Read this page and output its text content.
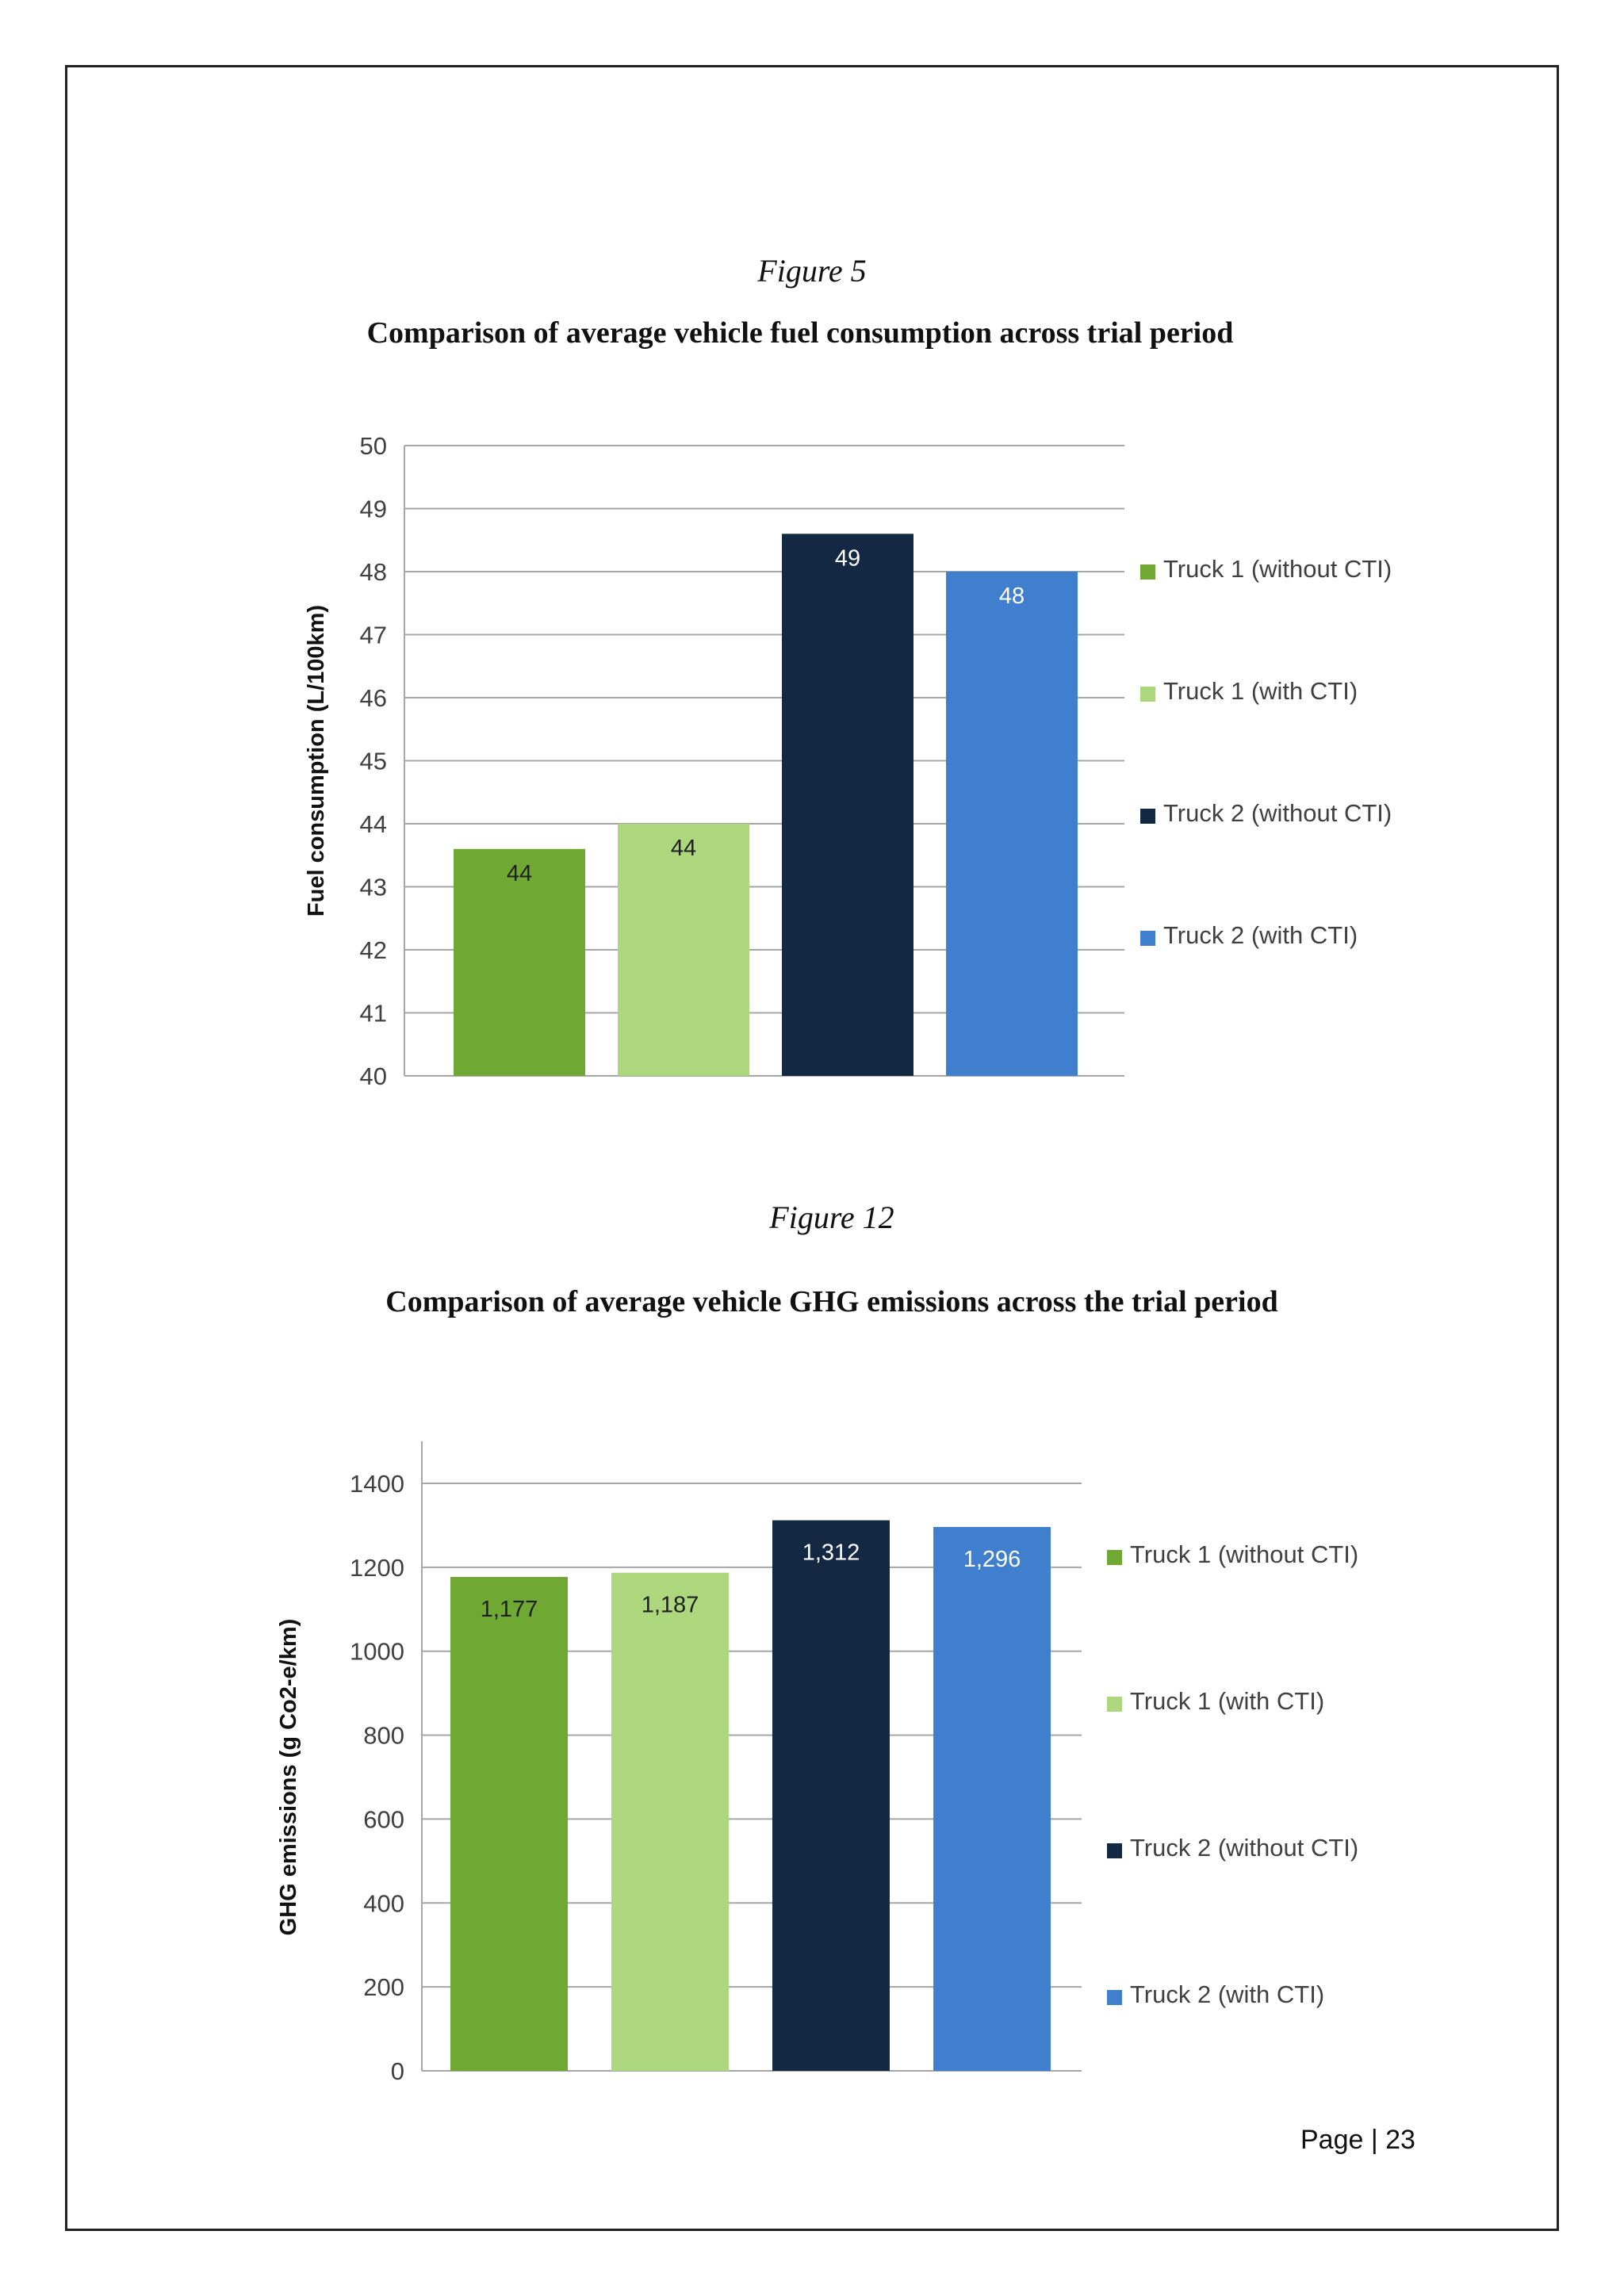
Figure 5
Comparison of average vehicle fuel consumption across trial period
40
41
42
43
44
45
46
47
48
49
50
44
44
49
48
Fuel consumption (L/100km)
Truck 1 (without CTI)
Truck 1 (with CTI)
Truck 2 (without CTI)
Truck 2 (with CTI)
Figure 12
Comparison of average vehicle GHG emissions across the trial period
0
200
400
600
800
1000
1200
1400
1,177	1,187
1,312	1,296
GHG emissions (g Co2-e/km)
Truck 1 (without CTI)
Truck 1 (with CTI)
Truck 2 (without CTI)
Truck 2 (with CTI)
Page | 23
